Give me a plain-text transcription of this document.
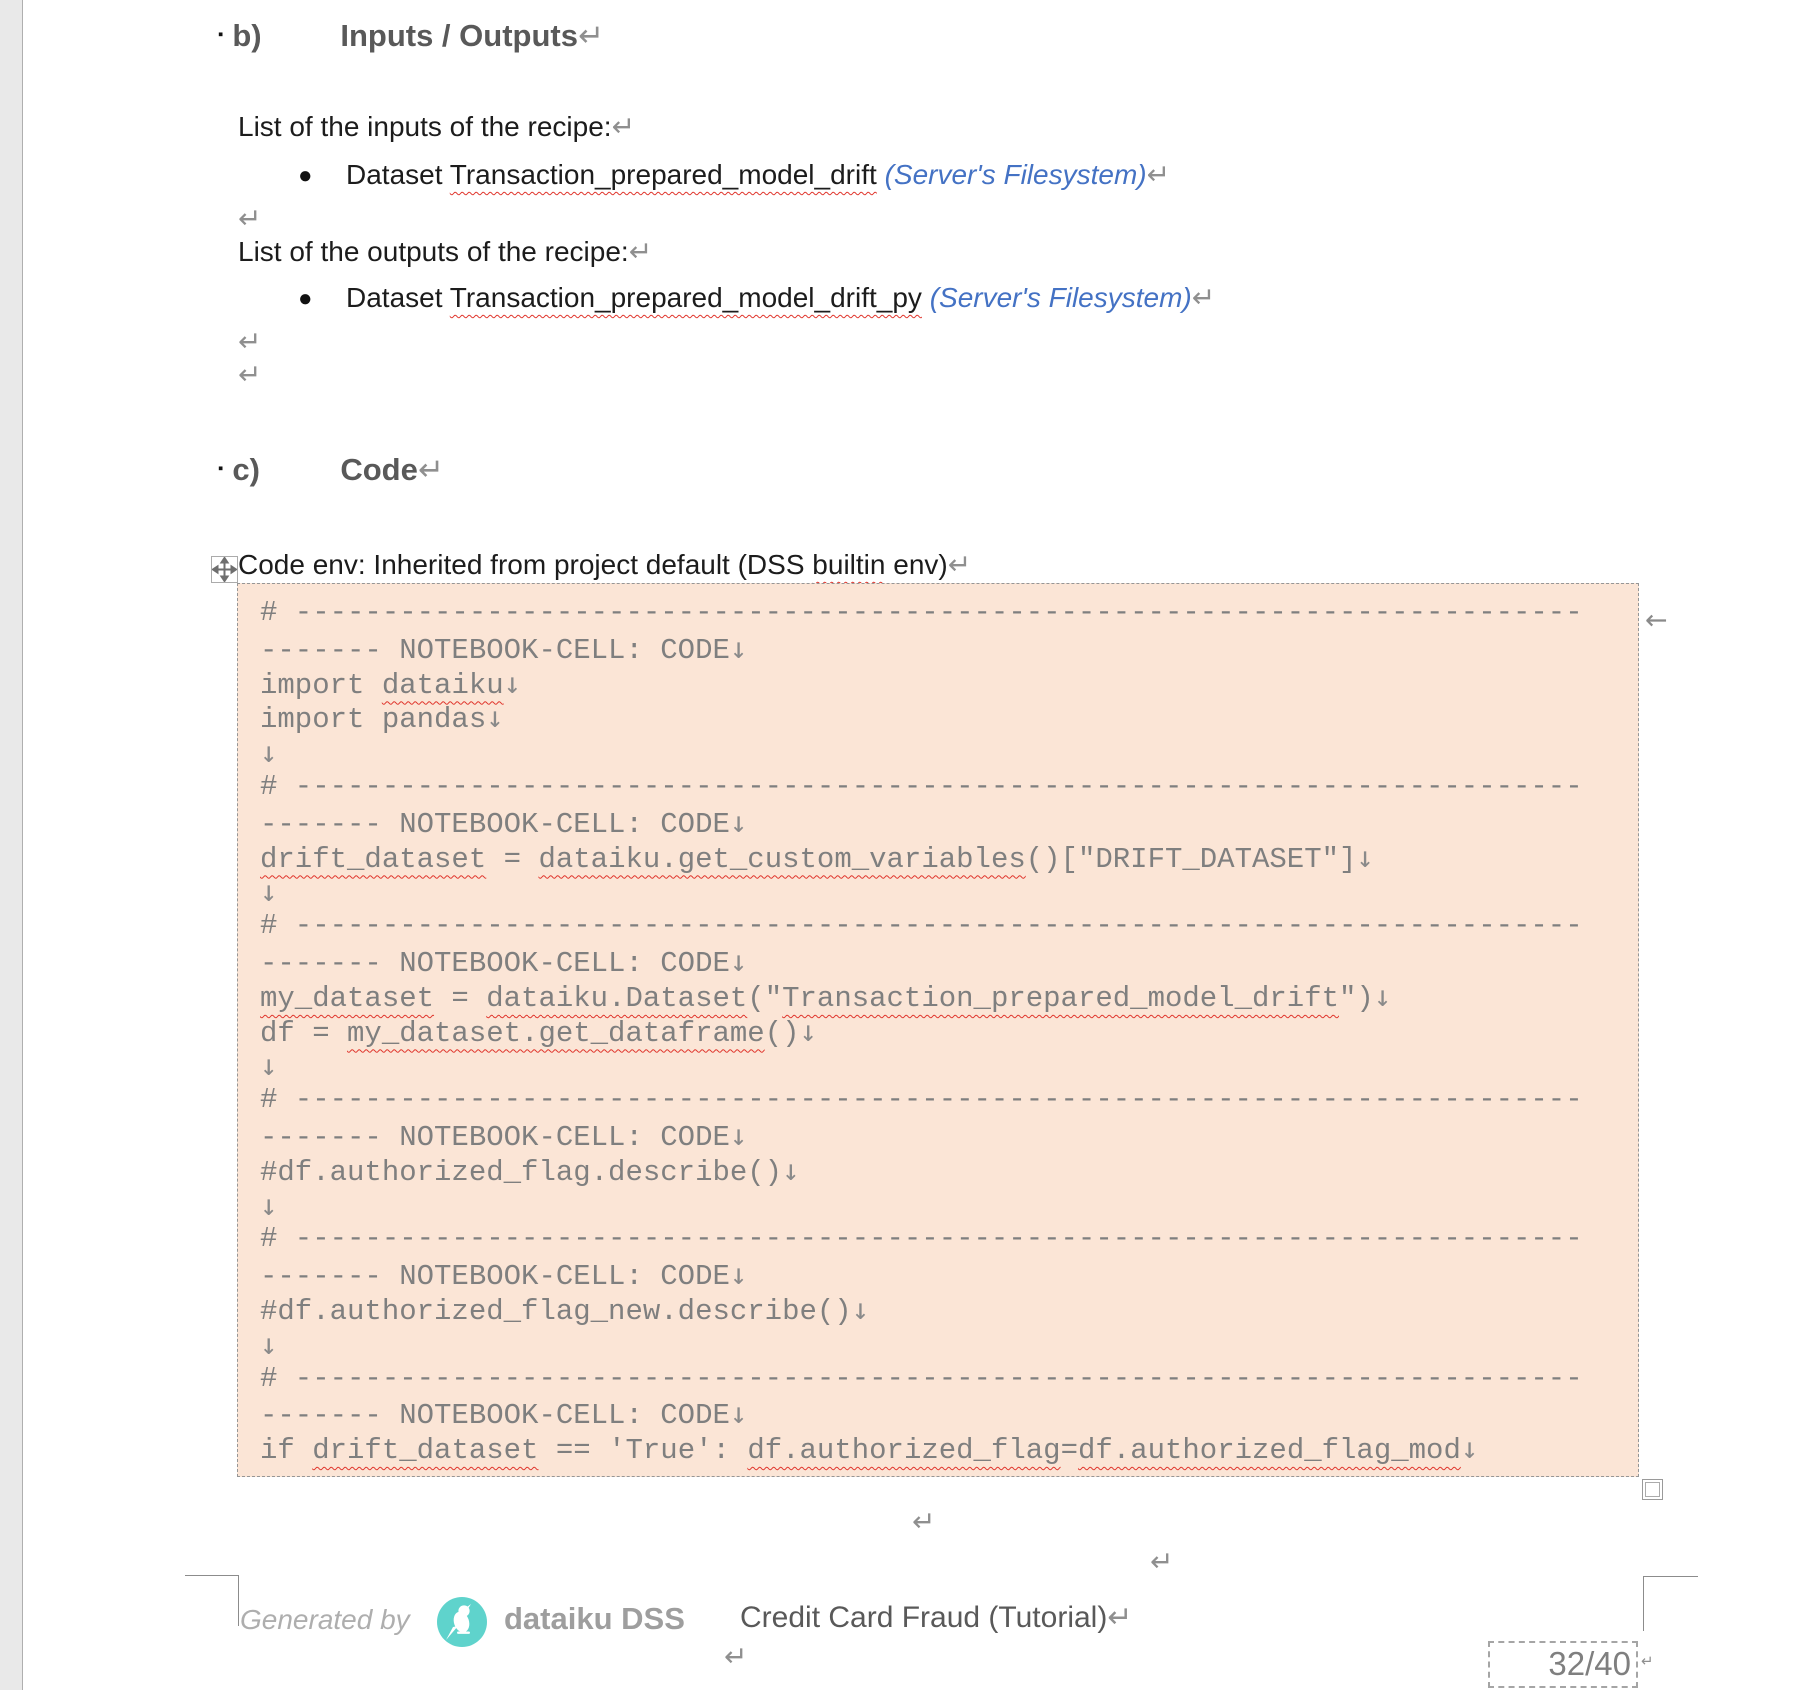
▪ b)	Inputs / Outputs↵
List of the inputs of the recipe:↵
● Dataset Transaction_prepared_model_drift (Server's Filesystem)↵
↵
List of the outputs of the recipe:↵
● Dataset Transaction_prepared_model_drift_py (Server's Filesystem)↵
↵
↵
▪ c)	Code↵
Code env: Inherited from project default (DSS builtin env)↵
# --------------------------------------------------------------------------
------- NOTEBOOK-CELL: CODE↓
import dataiku↓
import pandas↓
↓
# --------------------------------------------------------------------------
------- NOTEBOOK-CELL: CODE↓
drift_dataset = dataiku.get_custom_variables()["DRIFT_DATASET"]↓
↓
# --------------------------------------------------------------------------
------- NOTEBOOK-CELL: CODE↓
my_dataset = dataiku.Dataset("Transaction_prepared_model_drift")↓
df = my_dataset.get_dataframe()↓
↓
# --------------------------------------------------------------------------
------- NOTEBOOK-CELL: CODE↓
#df.authorized_flag.describe()↓
↓
# --------------------------------------------------------------------------
------- NOTEBOOK-CELL: CODE↓
#df.authorized_flag_new.describe()↓
↓
# --------------------------------------------------------------------------
------- NOTEBOOK-CELL: CODE↓
if drift_dataset == 'True': df.authorized_flag=df.authorized_flag_mod↓
←
↵
↵
Generated by	dataiku DSS Credit Card Fraud (Tutorial)↵
↵	32/40 ↵
